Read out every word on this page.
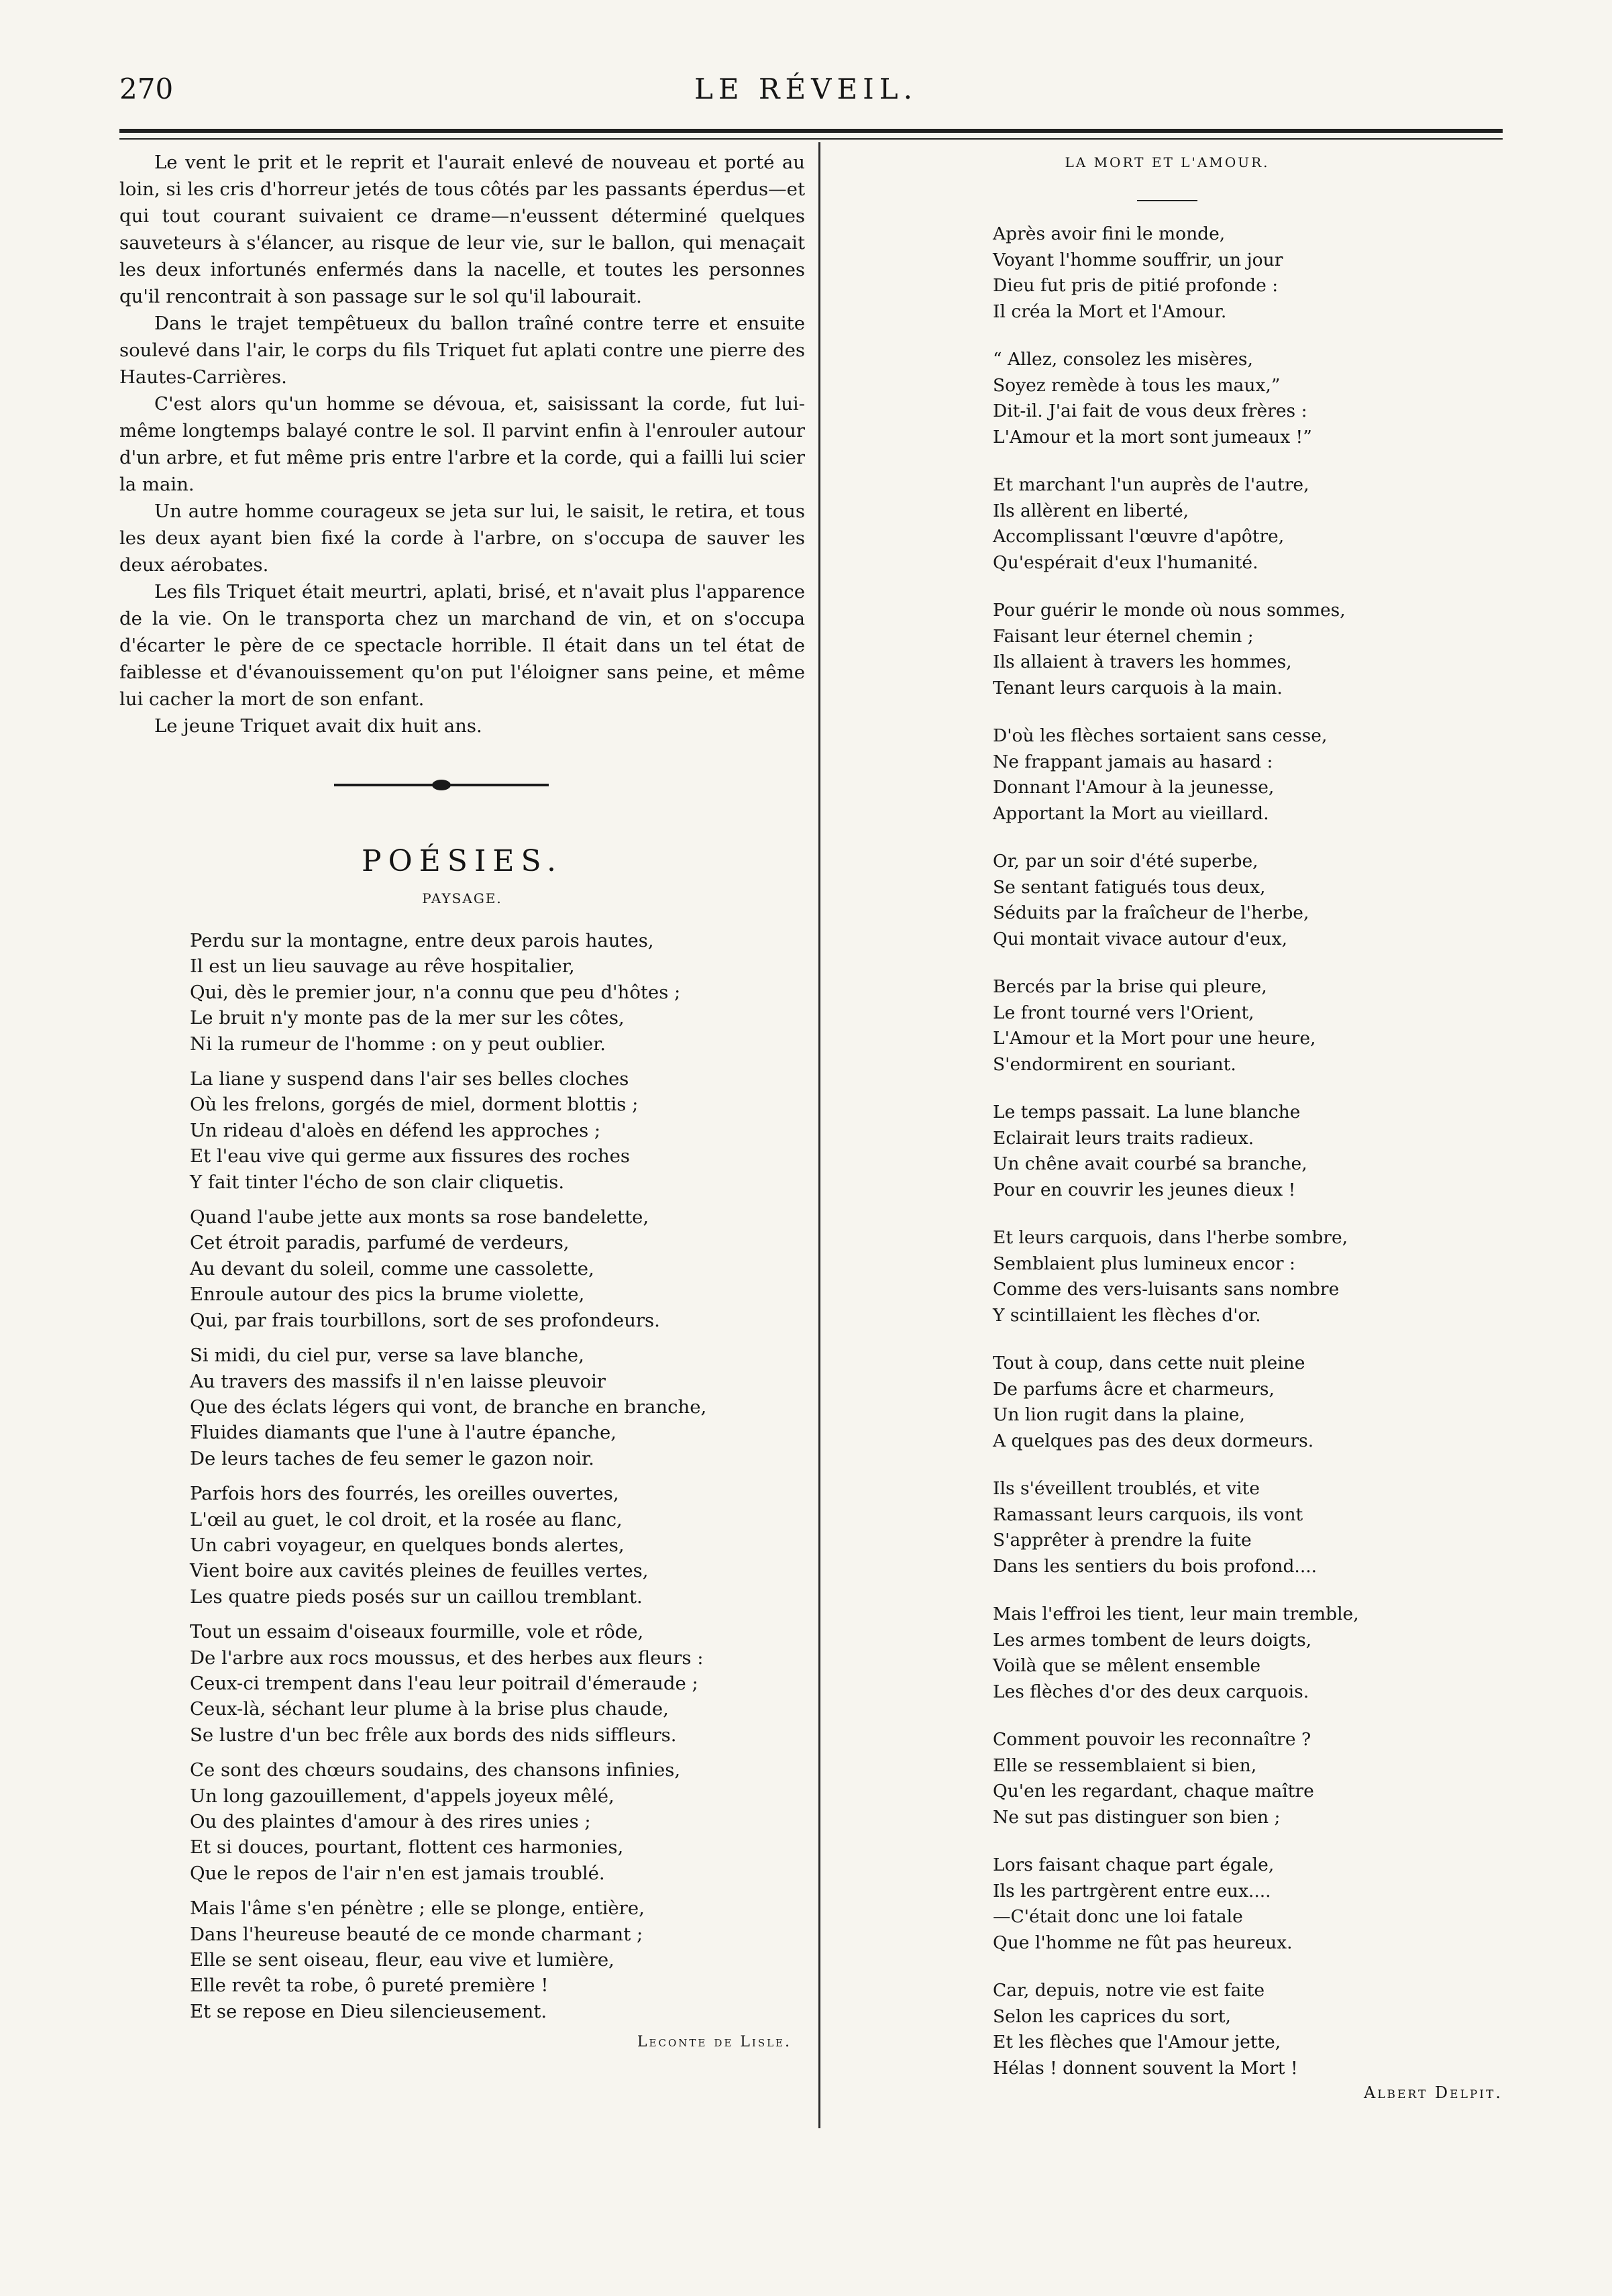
270	LE RÉVEIL.

Le vent le prit et le reprit et l'aurait enlevé de nouveau et porté au loin, si les cris d'horreur jetés de tous côtés par les passants éperdus—et qui tout courant suivaient ce drame—n'eussent déterminé quelques sauveteurs à s'élancer, au risque de leur vie, sur le ballon, qui menaçait les deux infortunés enfermés dans la nacelle, et toutes les personnes qu'il rencontrait à son passage sur le sol qu'il labourait.

Dans le trajet tempêtueux du ballon traîné contre terre et ensuite soulevé dans l'air, le corps du fils Triquet fut aplati contre une pierre des Hautes-Carrières.

C'est alors qu'un homme se dévoua, et, saisissant la corde, fut lui-même longtemps balayé contre le sol. Il parvint enfin à l'enrouler autour d'un arbre, et fut même pris entre l'arbre et la corde, qui a failli lui scier la main.

Un autre homme courageux se jeta sur lui, le saisit, le retira, et tous les deux ayant bien fixé la corde à l'arbre, on s'occupa de sauver les deux aérobates.

Les fils Triquet était meurtri, aplati, brisé, et n'avait plus l'apparence de la vie. On le transporta chez un marchand de vin, et on s'occupa d'écarter le père de ce spectacle horrible. Il était dans un tel état de faiblesse et d'évanouissement qu'on put l'éloigner sans peine, et même lui cacher la mort de son enfant.

Le jeune Triquet avait dix huit ans.

POÉSIES.
PAYSAGE.
Perdu sur la montagne, entre deux parois hautes,
Il est un lieu sauvage au rêve hospitalier,
Qui, dès le premier jour, n'a connu que peu d'hôtes ;
Le bruit n'y monte pas de la mer sur les côtes,
Ni la rumeur de l'homme : on y peut oublier.
La liane y suspend dans l'air ses belles cloches
Où les frelons, gorgés de miel, dorment blottis ;
Un rideau d'aloès en défend les approches ;
Et l'eau vive qui germe aux fissures des roches
Y fait tinter l'écho de son clair cliquetis.
Quand l'aube jette aux monts sa rose bandelette,
Cet étroit paradis, parfumé de verdeurs,
Au devant du soleil, comme une cassolette,
Enroule autour des pics la brume violette,
Qui, par frais tourbillons, sort de ses profondeurs.
Si midi, du ciel pur, verse sa lave blanche,
Au travers des massifs il n'en laisse pleuvoir
Que des éclats légers qui vont, de branche en branche,
Fluides diamants que l'une à l'autre épanche,
De leurs taches de feu semer le gazon noir.
Parfois hors des fourrés, les oreilles ouvertes,
L'œil au guet, le col droit, et la rosée au flanc,
Un cabri voyageur, en quelques bonds alertes,
Vient boire aux cavités pleines de feuilles vertes,
Les quatre pieds posés sur un caillou tremblant.
Tout un essaim d'oiseaux fourmille, vole et rôde,
De l'arbre aux rocs moussus, et des herbes aux fleurs :
Ceux-ci trempent dans l'eau leur poitrail d'émeraude ;
Ceux-là, séchant leur plume à la brise plus chaude,
Se lustre d'un bec frêle aux bords des nids siffleurs.
Ce sont des chœurs soudains, des chansons infinies,
Un long gazouillement, d'appels joyeux mêlé,
Ou des plaintes d'amour à des rires unies ;
Et si douces, pourtant, flottent ces harmonies,
Que le repos de l'air n'en est jamais troublé.
Mais l'âme s'en pénètre ; elle se plonge, entière,
Dans l'heureuse beauté de ce monde charmant ;
Elle se sent oiseau, fleur, eau vive et lumière,
Elle revêt ta robe, ô pureté première !
Et se repose en Dieu silencieusement.
Leconte de Lisle.
LA MORT ET L'AMOUR.
Après avoir fini le monde,
Voyant l'homme souffrir, un jour
Dieu fut pris de pitié profonde :
Il créa la Mort et l'Amour.
“ Allez, consolez les misères,
Soyez remède à tous les maux,”
Dit-il. J'ai fait de vous deux frères :
L'Amour et la mort sont jumeaux !”
Et marchant l'un auprès de l'autre,
Ils allèrent en liberté,
Accomplissant l'œuvre d'apôtre,
Qu'espérait d'eux l'humanité.
Pour guérir le monde où nous sommes,
Faisant leur éternel chemin ;
Ils allaient à travers les hommes,
Tenant leurs carquois à la main.
D'où les flèches sortaient sans cesse,
Ne frappant jamais au hasard :
Donnant l'Amour à la jeunesse,
Apportant la Mort au vieillard.
Or, par un soir d'été superbe,
Se sentant fatigués tous deux,
Séduits par la fraîcheur de l'herbe,
Qui montait vivace autour d'eux,
Bercés par la brise qui pleure,
Le front tourné vers l'Orient,
L'Amour et la Mort pour une heure,
S'endormirent en souriant.
Le temps passait. La lune blanche
Eclairait leurs traits radieux.
Un chêne avait courbé sa branche,
Pour en couvrir les jeunes dieux !
Et leurs carquois, dans l'herbe sombre,
Semblaient plus lumineux encor :
Comme des vers-luisants sans nombre
Y scintillaient les flèches d'or.
Tout à coup, dans cette nuit pleine
De parfums âcre et charmeurs,
Un lion rugit dans la plaine,
A quelques pas des deux dormeurs.
Ils s'éveillent troublés, et vite
Ramassant leurs carquois, ils vont
S'apprêter à prendre la fuite
Dans les sentiers du bois profond....
Mais l'effroi les tient, leur main tremble,
Les armes tombent de leurs doigts,
Voilà que se mêlent ensemble
Les flèches d'or des deux carquois.
Comment pouvoir les reconnaître ?
Elle se ressemblaient si bien,
Qu'en les regardant, chaque maître
Ne sut pas distinguer son bien ;
Lors faisant chaque part égale,
Ils les partrgèrent entre eux....
—C'était donc une loi fatale
Que l'homme ne fût pas heureux.
Car, depuis, notre vie est faite
Selon les caprices du sort,
Et les flèches que l'Amour jette,
Hélas ! donnent souvent la Mort !
Albert Delpit.
